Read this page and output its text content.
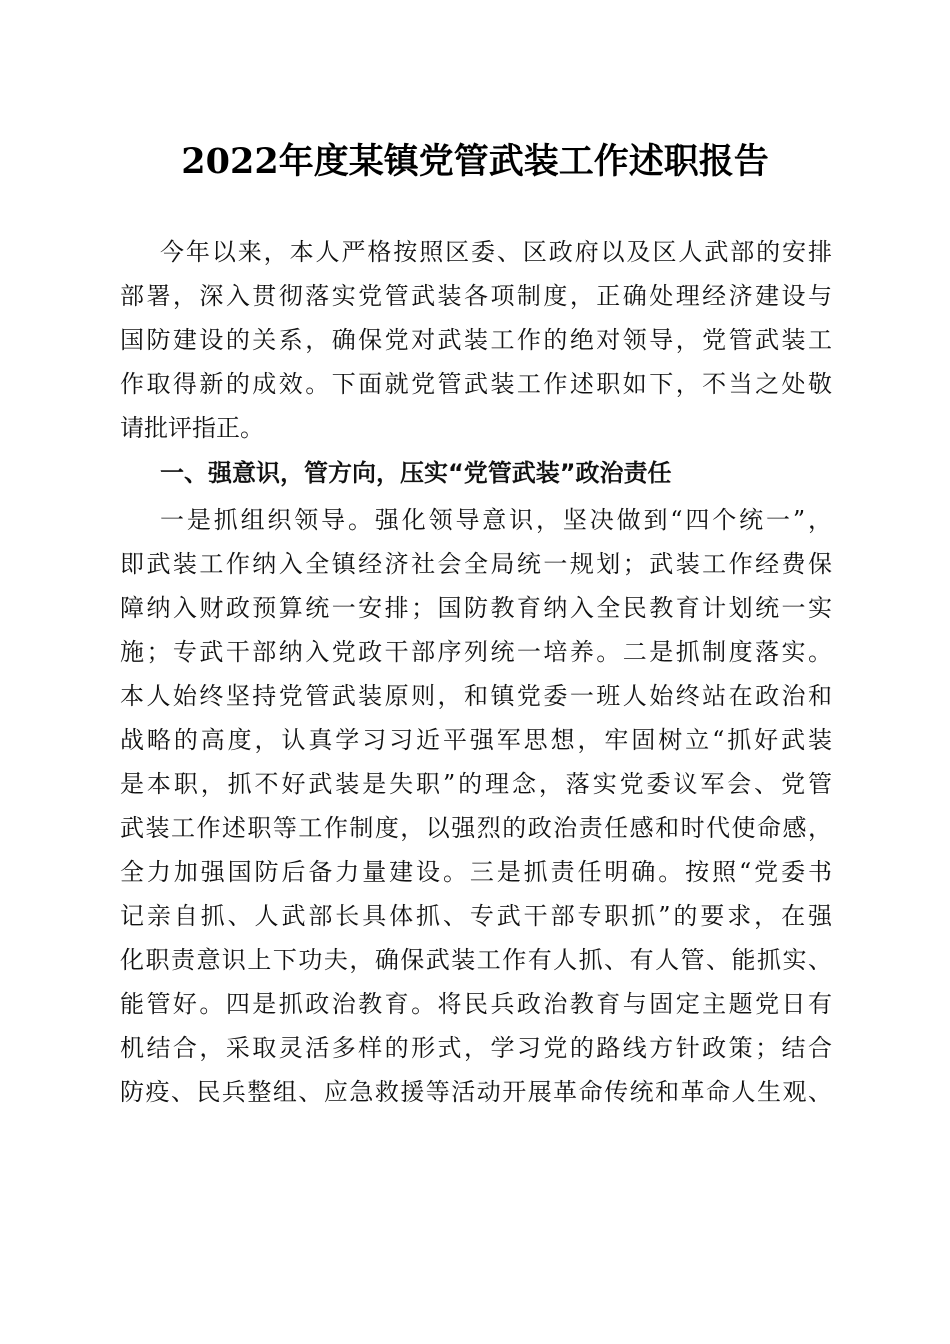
2022年度某镇党管武装工作述职报告
今年以来，本人严格按照区委、区政府以及区人武部的安排
部署，深入贯彻落实党管武装各项制度，正确处理经济建设与
国防建设的关系，确保党对武装工作的绝对领导，党管武装工
作取得新的成效。下面就党管武装工作述职如下，不当之处敬
请批评指正。
一、强意识，管方向，压实“党管武装”政治责任
一是抓组织领导。强化领导意识，坚决做到“四个统一”，
即武装工作纳入全镇经济社会全局统一规划；武装工作经费保
障纳入财政预算统一安排；国防教育纳入全民教育计划统一实
施；专武干部纳入党政干部序列统一培养。二是抓制度落实。
本人始终坚持党管武装原则，和镇党委一班人始终站在政治和
战略的高度，认真学习习近平强军思想，牢固树立“抓好武装
是本职，抓不好武装是失职”的理念，落实党委议军会、党管
武装工作述职等工作制度，以强烈的政治责任感和时代使命感，
全力加强国防后备力量建设。三是抓责任明确。按照“党委书
记亲自抓、人武部长具体抓、专武干部专职抓”的要求，在强
化职责意识上下功夫，确保武装工作有人抓、有人管、能抓实、
能管好。四是抓政治教育。将民兵政治教育与固定主题党日有
机结合，采取灵活多样的形式，学习党的路线方针政策；结合
防疫、民兵整组、应急救援等活动开展革命传统和革命人生观、
